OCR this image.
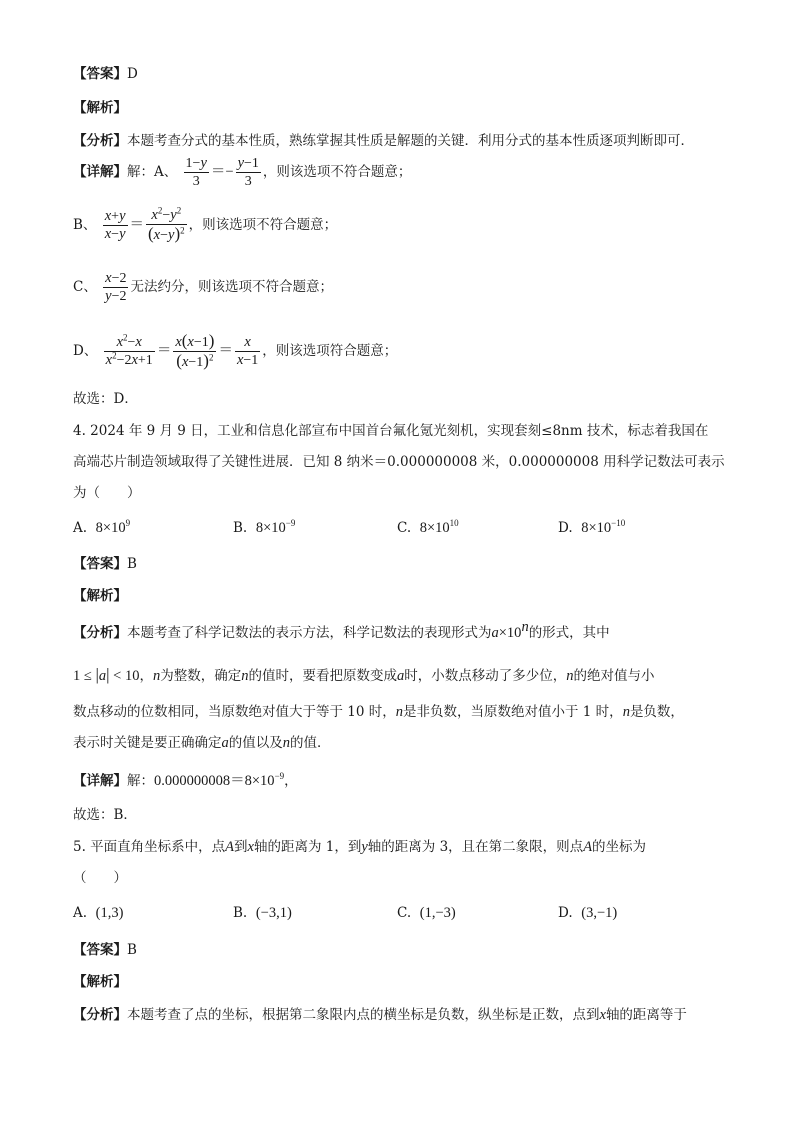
【答案】D
【解析】
【分析】本题考查分式的基本性质，熟练掌握其性质是解题的关键．利用分式的基本性质逐项判断即可．
【详解】解：A、 $\frac{1-y}{3} =- \frac{y-1}{3}$ ，则该选项不符合题意；
B、 $\frac{x+y}{x-y} = \frac{x^2-y^2}{(x-y)^2}$ ，则该选项不符合题意；
C、 $\frac{x-2}{y-2}$ 无法约分，则该选项不符合题意；
D、 $\frac{x^2-x}{x^2-2x+1} = \frac{x(x-1)}{(x-1)^2} = \frac{x}{x-1}$ ，则该选项符合题意；
故选：D．
4. 2024 年 9 月 9 日，工业和信息化部宣布中国首台氟化氪光刻机，实现套刻≤8nm 技术，标志着我国在
高端芯片制造领域取得了关键性进展．已知 8 纳米＝0.000000008 米，0.000000008 用科学记数法可表示
为（　　）
A. $8\times 10^9$	B. $8\times 10^{-9}$	C. $8\times 10^{10}$	D. $8\times 10^{-10}$
【答案】B
【解析】
【分析】本题考查了科学记数法的表示方法，科学记数法的表现形式为$a\times 10^n$的形式，其中
1 ≤ |a| < 10，n为整数，确定n的值时，要看把原数变成a时，小数点移动了多少位，n的绝对值与小
数点移动的位数相同，当原数绝对值大于等于 10 时，n是非负数，当原数绝对值小于 1 时，n是负数，
表示时关键是要正确确定a的值以及n的值．
【详解】解：$0.000000008=8\times 10^{-9}$，
故选：B．
5. 平面直角坐标系中，点A到x轴的距离为 1，到y轴的距离为 3，且在第二象限，则点A的坐标为
（　　）
A. (1,3)	B. (−3,1)	C. (1,−3)	D. (3,−1)
【答案】B
【解析】
【分析】本题考查了点的坐标，根据第二象限内点的横坐标是负数，纵坐标是正数，点到x轴的距离等于
